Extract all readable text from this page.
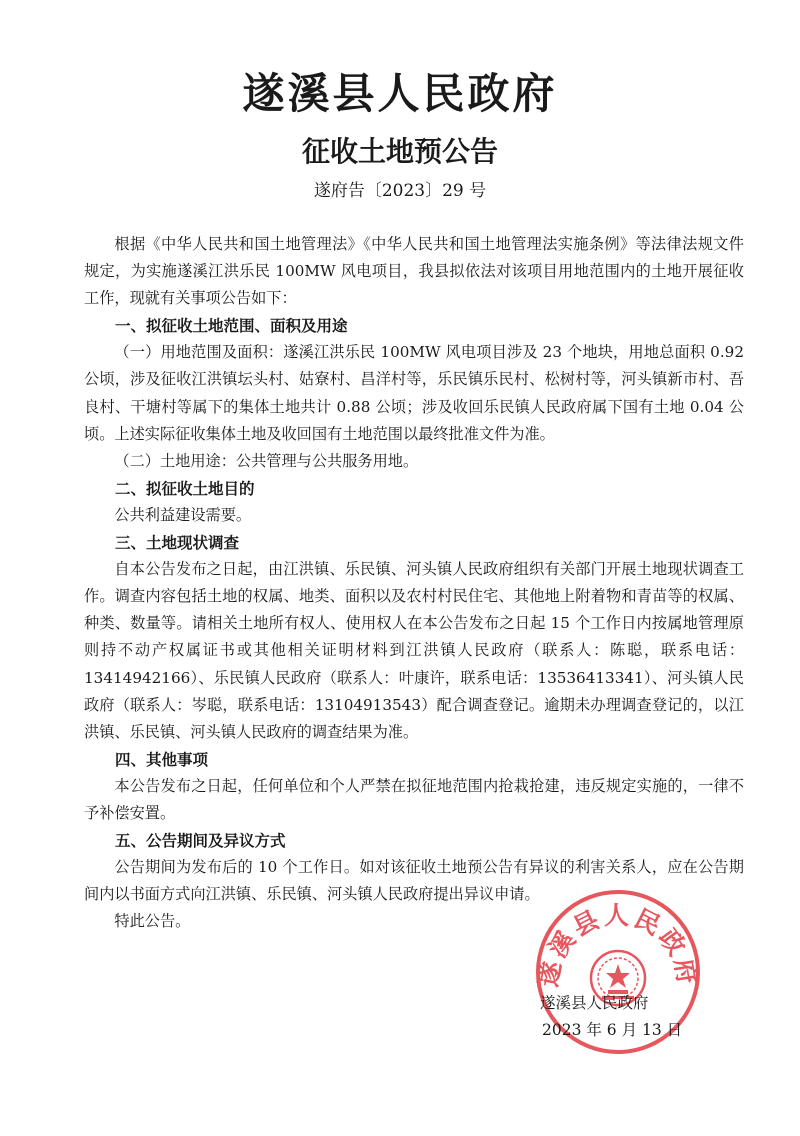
遂溪县人民政府
征收土地预公告
遂府告〔2023〕29 号

根据《中华人民共和国土地管理法》《中华人民共和国土地管理法实施条例》等法律法规文件规定，为实施遂溪江洪乐民 100MW 风电项目，我县拟依法对该项目用地范围内的土地开展征收工作，现就有关事项公告如下：

一、拟征收土地范围、面积及用途

（一）用地范围及面积：遂溪江洪乐民 100MW 风电项目涉及 23 个地块，用地总面积 0.92 公顷，涉及征收江洪镇坛头村、姑寮村、昌洋村等，乐民镇乐民村、松树村等，河头镇新市村、吾良村、干塘村等属下的集体土地共计 0.88 公顷；涉及收回乐民镇人民政府属下国有土地 0.04 公顷。上述实际征收集体土地及收回国有土地范围以最终批准文件为准。

（二）土地用途：公共管理与公共服务用地。

二、拟征收土地目的

公共利益建设需要。

三、土地现状调查

自本公告发布之日起，由江洪镇、乐民镇、河头镇人民政府组织有关部门开展土地现状调查工作。调查内容包括土地的权属、地类、面积以及农村村民住宅、其他地上附着物和青苗等的权属、种类、数量等。请相关土地所有权人、使用权人在本公告发布之日起 15 个工作日内按属地管理原则持不动产权属证书或其他相关证明材料到江洪镇人民政府（联系人：陈聪，联系电话：13414942166）、乐民镇人民政府（联系人：叶康许，联系电话：13536413341）、河头镇人民政府（联系人：岑聪，联系电话：13104913543）配合调查登记。逾期未办理调查登记的，以江洪镇、乐民镇、河头镇人民政府的调查结果为准。

四、其他事项

本公告发布之日起，任何单位和个人严禁在拟征地范围内抢栽抢建，违反规定实施的，一律不予补偿安置。

五、公告期间及异议方式

公告期间为发布后的 10 个工作日。如对该征收土地预公告有异议的利害关系人，应在公告期间内以书面方式向江洪镇、乐民镇、河头镇人民政府提出异议申请。

特此公告。

遂溪县人民政府
遂溪县人民政府
2023 年 6 月 13 日
